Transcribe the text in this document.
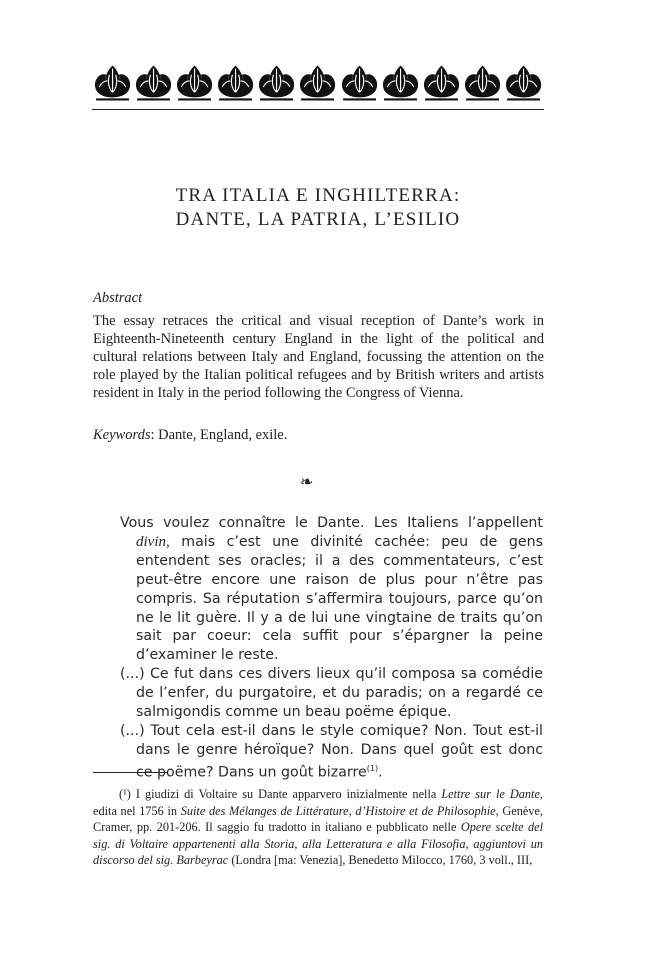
TRA ITALIA E INGHILTERRA:
DANTE, LA PATRIA, L’ESILIO
Abstract
The essay retraces the critical and visual reception of Dante’s work in Eighteenth-Nineteenth century England in the light of the political and cultural relations between Italy and England, focussing the attention on the role played by the Italian political refugees and by British writers and artists resident in Italy in the period following the Congress of Vienna.
Keywords: Dante, England, exile.
❧

Vous voulez connaître le Dante. Les Italiens l’appellent divin, mais c’est une divinité cachée: peu de gens entendent ses oracles; il a des commentateurs, c’est peut-être encore une raison de plus pour n’être pas compris. Sa réputation s’affermira toujours, parce qu’on ne le lit guère. Il y a de lui une vingtaine de traits qu’on sait par coeur: cela suffit pour s’épargner la peine d’examiner le reste.

(...) Ce fut dans ces divers lieux qu’il composa sa comédie de l’enfer, du purgatoire, et du paradis; on a regardé ce salmigondis comme un beau poëme épique.

(...) Tout cela est-il dans le style comique? Non. Tout est-il dans le genre héroïque? Non. Dans quel goût est donc ce poëme? Dans un goût bizarre$^{(1)}$.

(¹) I giudizi di Voltaire su Dante apparvero inizialmente nella Lettre sur le Dante, edita nel 1756 in Suite des Mélanges de Littérature, d’Histoire et de Philosophie, Genève, Cramer, pp. 201-206. Il saggio fu tradotto in italiano e pubblicato nelle Opere scelte del sig. di Voltaire appartenenti alla Storia, alla Letteratura e alla Filosofia, aggiuntovi un discorso del sig. Barbeyrac (Londra [ma: Venezia], Benedetto Milocco, 1760, 3 voll., III,
